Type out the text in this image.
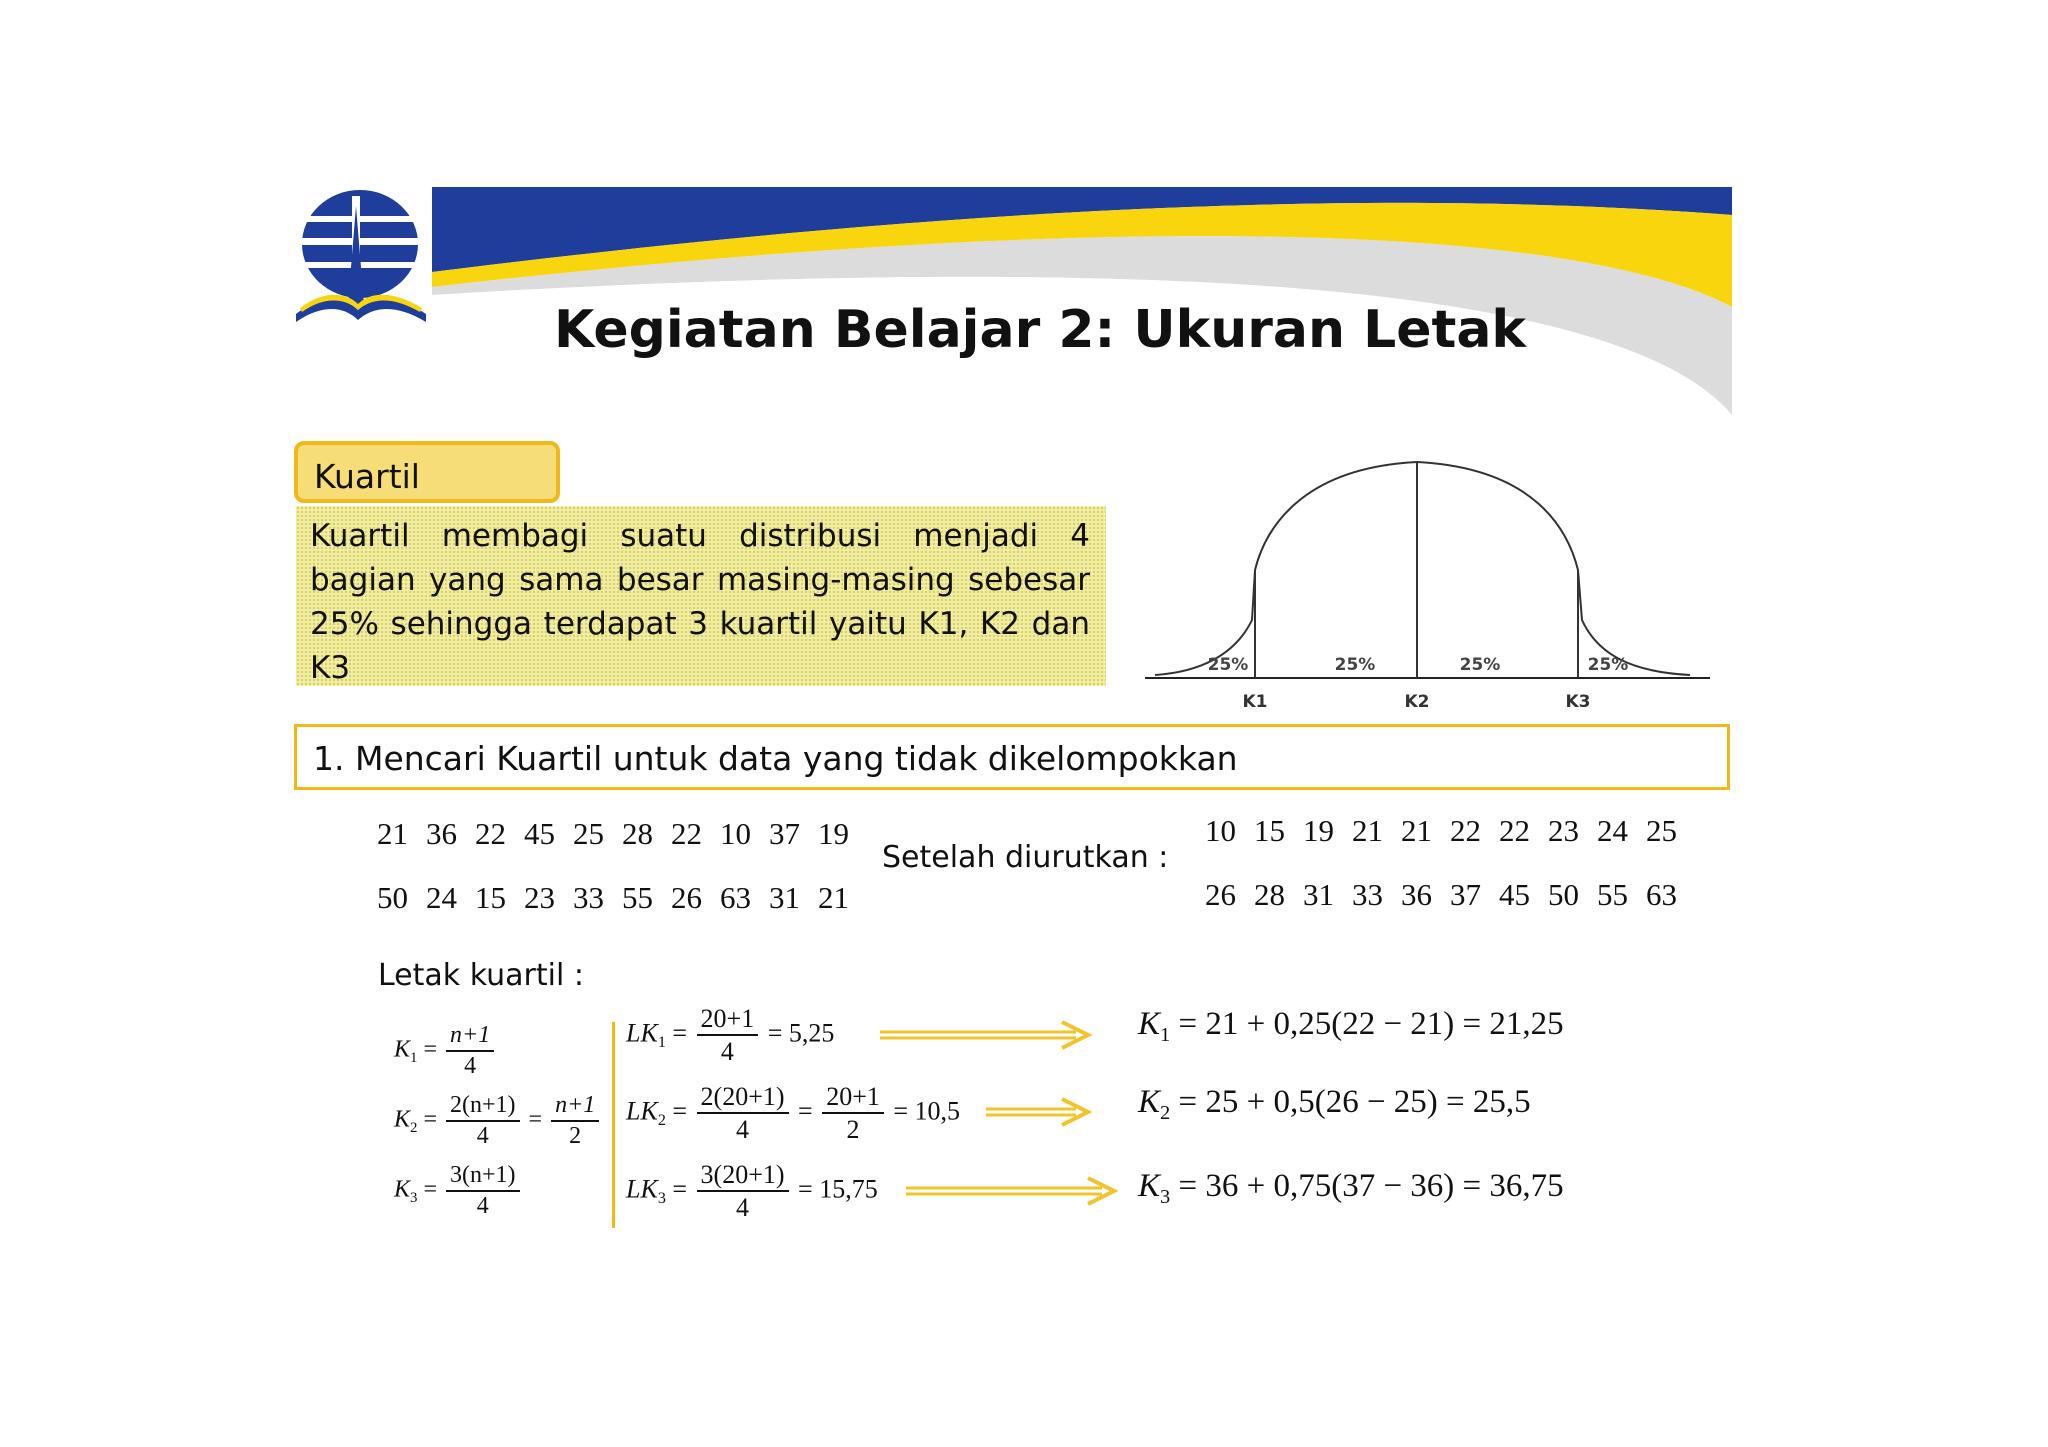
Kegiatan Belajar 2: Ukuran Letak
Kuartil
Kuartil membagi suatu distribusi menjadi 4 bagian yang sama besar masing-masing sebesar 25% sehingga terdapat 3 kuartil yaitu K1, K2 dan K3	25%	25%	25%	25%
K1	K2	K3
1. Mencari Kuartil untuk data yang tidak dikelompokkan
21 36 22 45 25 28 22 10 37 19
50 24 15 23 33 55 26 63 31 21
Setelah diurutkan :
10 15 19 21 21 22 22 23 24 25
26 28 31 33 36 37 45 50 55 63
Letak kuartil :
$K_1 = \frac{n+1}{4}$
$K_2 = \frac{2(n+1)}{4} = \frac{n+1}{2}$
$K_3 = \frac{3(n+1)}{4}$
$LK_1 = \frac{20+1}{4} = 5,25$
$LK_2 = \frac{2(20+1)}{4} = \frac{20+1}{2} = 10,5$
$LK_3 = \frac{3(20+1)}{4} = 15,75$
$K_1 = 21 + 0,25(22 - 21) = 21,25$
$K_2 = 25 + 0,5(26 - 25) = 25,5$
$K_3 = 36 + 0,75(37 - 36) = 36,75$
